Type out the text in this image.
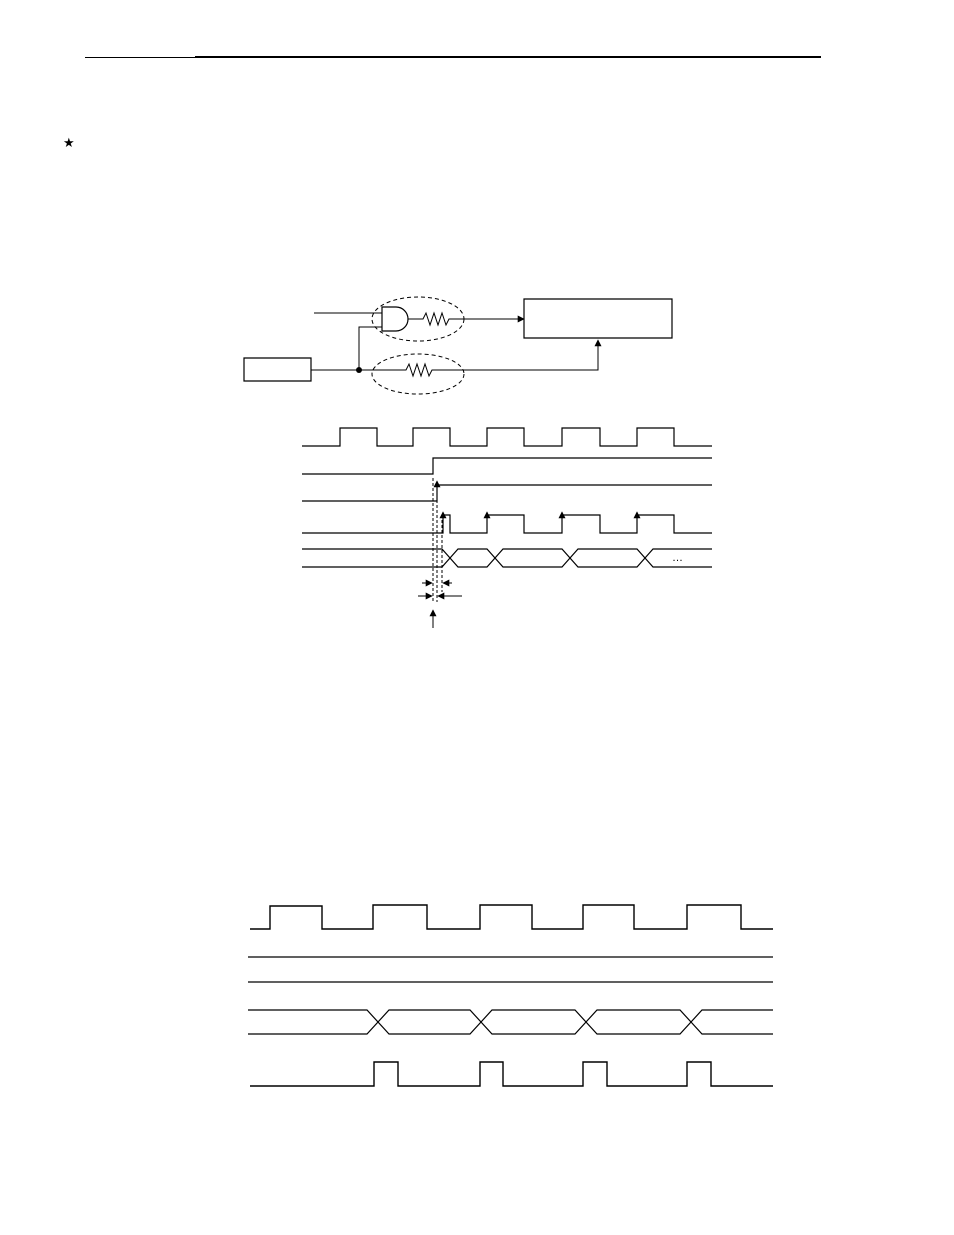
★
…
